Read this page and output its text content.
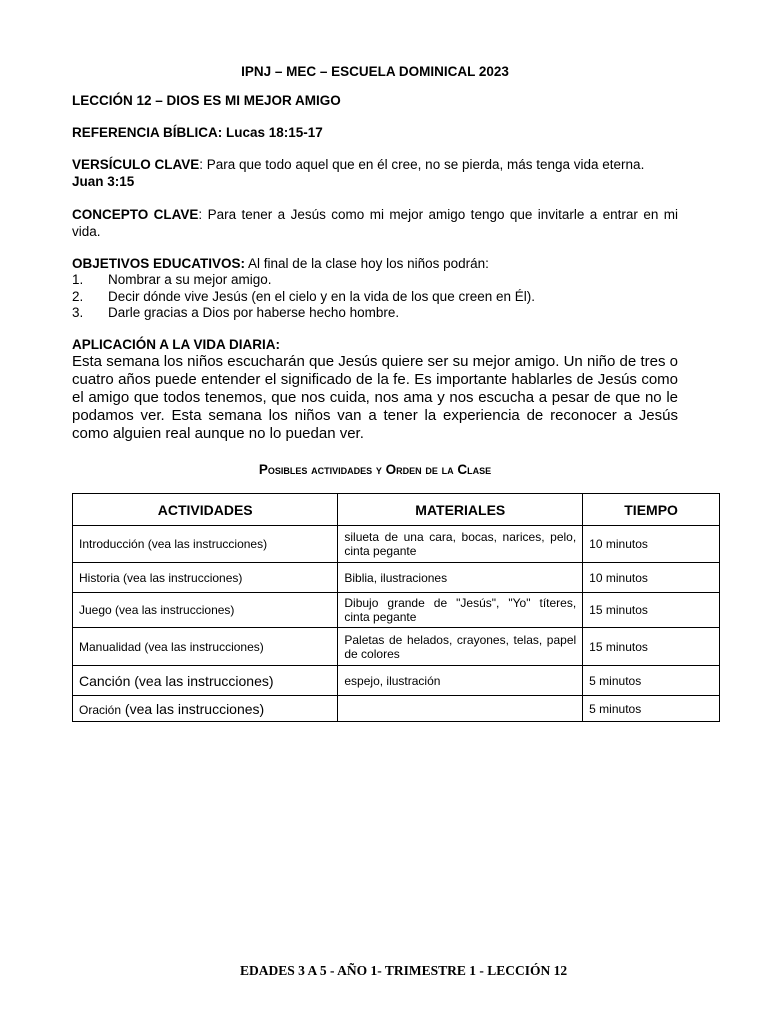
IPNJ – MEC – ESCUELA DOMINICAL 2023
LECCIÓN 12 – DIOS ES MI MEJOR AMIGO
REFERENCIA BÍBLICA: Lucas 18:15-17
VERSÍCULO CLAVE: Para que todo aquel que en él cree, no se pierda, más tenga vida eterna.
Juan 3:15
CONCEPTO CLAVE: Para tener a Jesús como mi mejor amigo tengo que invitarle a entrar en mi vida.
OBJETIVOS EDUCATIVOS: Al final de la clase hoy los niños podrán:
1.	Nombrar a su mejor amigo.
2.	Decir dónde vive Jesús (en el cielo y en la vida de los que creen en Él).
3.	Darle gracias a Dios por haberse hecho hombre.
APLICACIÓN A LA VIDA DIARIA:
Esta semana los niños escucharán que Jesús quiere ser su mejor amigo. Un niño de tres o cuatro años puede entender el significado de la fe. Es importante hablarles de Jesús como el amigo que todos tenemos, que nos cuida, nos ama y nos escucha a pesar de que no le podamos ver. Esta semana los niños van a tener la experiencia de reconocer a Jesús como alguien real aunque no lo puedan ver.
Posibles actividades y Orden de la Clase
ACTIVIDADES	MATERIALES	TIEMPO
Introducción (vea las instrucciones)	silueta de una cara, bocas, narices, pelo, cinta pegante	10 minutos
Historia (vea las instrucciones)	Biblia, ilustraciones	10 minutos
Juego (vea las instrucciones)	Dibujo grande de "Jesús", "Yo" títeres, cinta pegante	15 minutos
Manualidad (vea las instrucciones)	Paletas de helados, crayones, telas, papel de colores	15 minutos
Canción (vea las instrucciones)	espejo, ilustración	5 minutos
Oración (vea las instrucciones)		5 minutos
EDADES 3 A 5 - AÑO 1- TRIMESTRE 1 - LECCIÓN 12
